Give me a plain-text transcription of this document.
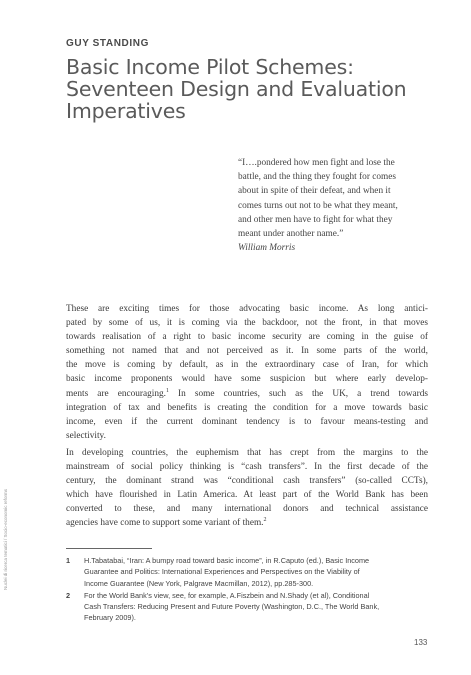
GUY STANDING
Basic Income Pilot Schemes:
Seventeen Design and Evaluation
Imperatives
“I….pondered how men fight and lose the
battle, and the thing they fought for comes
about in spite of their defeat, and when it
comes turns out not to be what they meant,
and other men have to fight for what they
meant under another name.”
William Morris
These are exciting times for those advocating basic income. As long antici-
pated by some of us, it is coming via the backdoor, not the front, in that moves
towards realisation of a right to basic income security are coming in the guise of
something not named that and not perceived as it. In some parts of the world,
the move is coming by default, as in the extraordinary case of Iran, for which
basic income proponents would have some suspicion but where early develop-
ments are encouraging.$^1$ In some countries, such as the UK, a trend towards
integration of tax and benefits is creating the condition for a move towards basic
income, even if the current dominant tendency is to favour means-testing and
selectivity.
In developing countries, the euphemism that has crept from the margins to the
mainstream of social policy thinking is “cash transfers”. In the first decade of the
century, the dominant strand was “conditional cash transfers” (so-called CCTs),
which have flourished in Latin America. At least part of the World Bank has been
converted to these, and many international donors and technical assistance
agencies have come to support some variant of them.$^2$
1 H.Tabatabai, “Iran: A bumpy road toward basic income”, in R.Caputo (ed.), Basic Income
Guarantee and Politics: International Experiences and Perspectives on the Viability of
Income Guarantee (New York, Palgrave Macmillan, 2012), pp.285-300.
2 For the World Bank’s view, see, for example, A.Fiszbein and N.Shady (et al), Conditional
Cash Transfers: Reducing Present and Future Poverty (Washington, D.C., The World Bank,
February 2009).
Nuclei di ricerca tematici / Socio-economic reforms
133
